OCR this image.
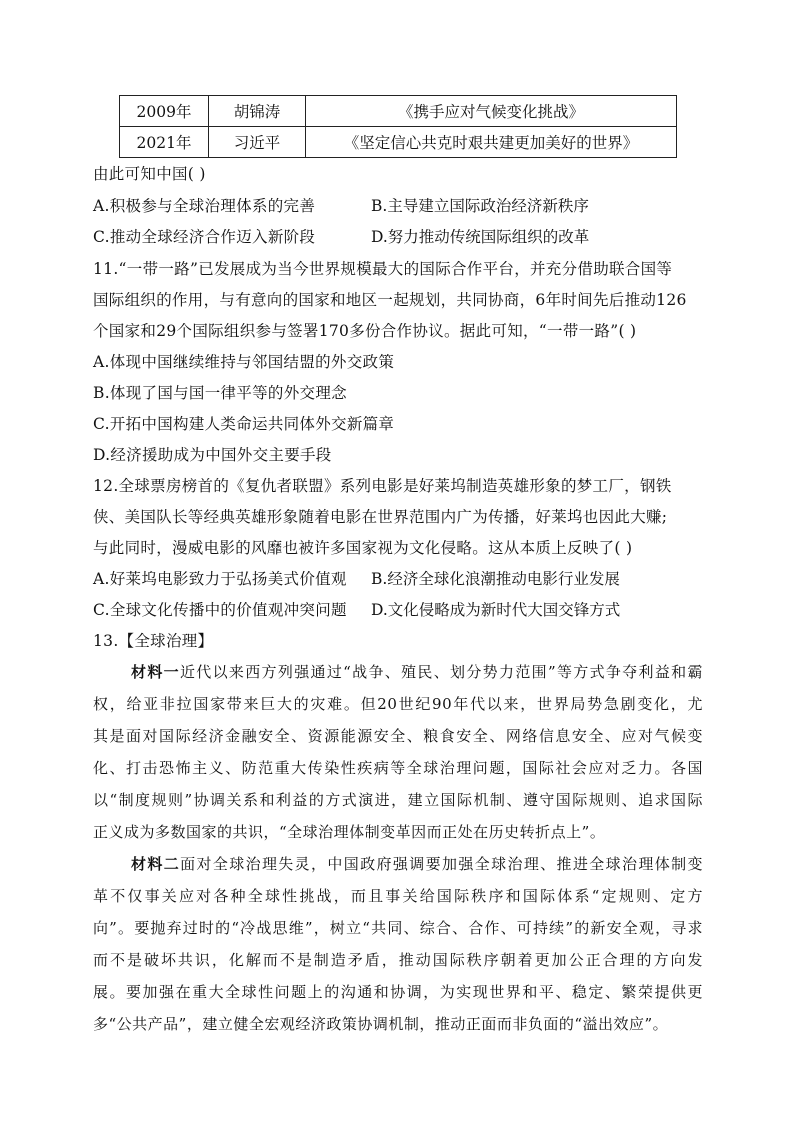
2009年	胡锦涛	《携手应对气候变化挑战》
2021年	习近平	《坚定信心共克时艰共建更加美好的世界》
由此可知中国( )
A.积极参与全球治理体系的完善	B.主导建立国际政治经济新秩序
C.推动全球经济合作迈入新阶段	D.努力推动传统国际组织的改革
11.“一带一路”已发展成为当今世界规模最大的国际合作平台，并充分借助联合国等
国际组织的作用，与有意向的国家和地区一起规划，共同协商，6年时间先后推动126
个国家和29个国际组织参与签署170多份合作协议。据此可知，“一带一路”( )
A.体现中国继续维持与邻国结盟的外交政策
B.体现了国与国一律平等的外交理念
C.开拓中国构建人类命运共同体外交新篇章
D.经济援助成为中国外交主要手段
12.全球票房榜首的《复仇者联盟》系列电影是好莱坞制造英雄形象的梦工厂，钢铁
侠、美国队长等经典英雄形象随着电影在世界范围内广为传播，好莱坞也因此大赚;
与此同时，漫威电影的风靡也被许多国家视为文化侵略。这从本质上反映了( )
A.好莱坞电影致力于弘扬美式价值观 B.经济全球化浪潮推动电影行业发展
C.全球文化传播中的价值观冲突问题 D.文化侵略成为新时代大国交锋方式
13.【全球治理】
材料一近代以来西方列强通过“战争、殖民、划分势力范围”等方式争夺利益和霸
权，给亚非拉国家带来巨大的灾难。但20世纪90年代以来，世界局势急剧变化，尤
其是面对国际经济金融安全、资源能源安全、粮食安全、网络信息安全、应对气候变
化、打击恐怖主义、防范重大传染性疾病等全球治理问题，国际社会应对乏力。各国
以“制度规则”协调关系和利益的方式演进，建立国际机制、遵守国际规则、追求国际
正义成为多数国家的共识，“全球治理体制变革因而正处在历史转折点上”。
材料二面对全球治理失灵，中国政府强调要加强全球治理、推进全球治理体制变
革不仅事关应对各种全球性挑战，而且事关给国际秩序和国际体系“定规则、定方
向”。要抛弃过时的“冷战思维”，树立“共同、综合、合作、可持续”的新安全观，寻求
而不是破坏共识，化解而不是制造矛盾，推动国际秩序朝着更加公正合理的方向发
展。要加强在重大全球性问题上的沟通和协调，为实现世界和平、稳定、繁荣提供更
多“公共产品”，建立健全宏观经济政策协调机制，推动正面而非负面的“溢出效应”。
